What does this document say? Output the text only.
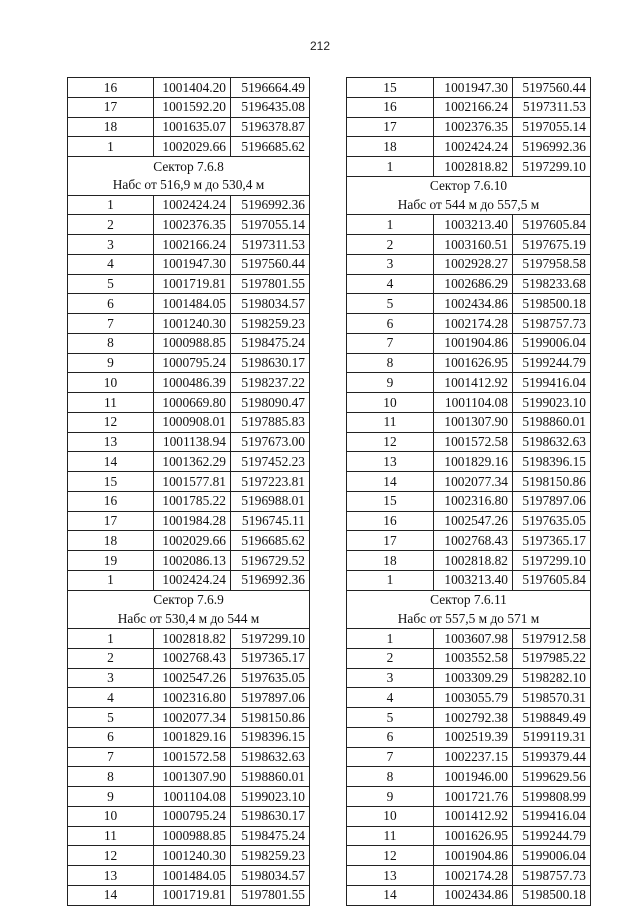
212
16	1001404.20	5196664.49
17	1001592.20	5196435.08
18	1001635.07	5196378.87
1	1002029.66	5196685.62
Сектор 7.6.8		
Набс от 516,9 м до 530,4 м		
1	1002424.24	5196992.36
2	1002376.35	5197055.14
3	1002166.24	5197311.53
4	1001947.30	5197560.44
5	1001719.81	5197801.55
6	1001484.05	5198034.57
7	1001240.30	5198259.23
8	1000988.85	5198475.24
9	1000795.24	5198630.17
10	1000486.39	5198237.22
11	1000669.80	5198090.47
12	1000908.01	5197885.83
13	1001138.94	5197673.00
14	1001362.29	5197452.23
15	1001577.81	5197223.81
16	1001785.22	5196988.01
17	1001984.28	5196745.11
18	1002029.66	5196685.62
19	1002086.13	5196729.52
1	1002424.24	5196992.36
Сектор 7.6.9		
Набс от 530,4 м до 544 м		
1	1002818.82	5197299.10
2	1002768.43	5197365.17
3	1002547.26	5197635.05
4	1002316.80	5197897.06
5	1002077.34	5198150.86
6	1001829.16	5198396.15
7	1001572.58	5198632.63
8	1001307.90	5198860.01
9	1001104.08	5199023.10
10	1000795.24	5198630.17
11	1000988.85	5198475.24
12	1001240.30	5198259.23
13	1001484.05	5198034.57
14	1001719.81	5197801.55
15	1001947.30	5197560.44
16	1002166.24	5197311.53
17	1002376.35	5197055.14
18	1002424.24	5196992.36
1	1002818.82	5197299.10
Сектор 7.6.10		
Набс от 544 м до 557,5 м		
1	1003213.40	5197605.84
2	1003160.51	5197675.19
3	1002928.27	5197958.58
4	1002686.29	5198233.68
5	1002434.86	5198500.18
6	1002174.28	5198757.73
7	1001904.86	5199006.04
8	1001626.95	5199244.79
9	1001412.92	5199416.04
10	1001104.08	5199023.10
11	1001307.90	5198860.01
12	1001572.58	5198632.63
13	1001829.16	5198396.15
14	1002077.34	5198150.86
15	1002316.80	5197897.06
16	1002547.26	5197635.05
17	1002768.43	5197365.17
18	1002818.82	5197299.10
1	1003213.40	5197605.84
Сектор 7.6.11		
Набс от 557,5 м до 571 м		
1	1003607.98	5197912.58
2	1003552.58	5197985.22
3	1003309.29	5198282.10
4	1003055.79	5198570.31
5	1002792.38	5198849.49
6	1002519.39	5199119.31
7	1002237.15	5199379.44
8	1001946.00	5199629.56
9	1001721.76	5199808.99
10	1001412.92	5199416.04
11	1001626.95	5199244.79
12	1001904.86	5199006.04
13	1002174.28	5198757.73
14	1002434.86	5198500.18
